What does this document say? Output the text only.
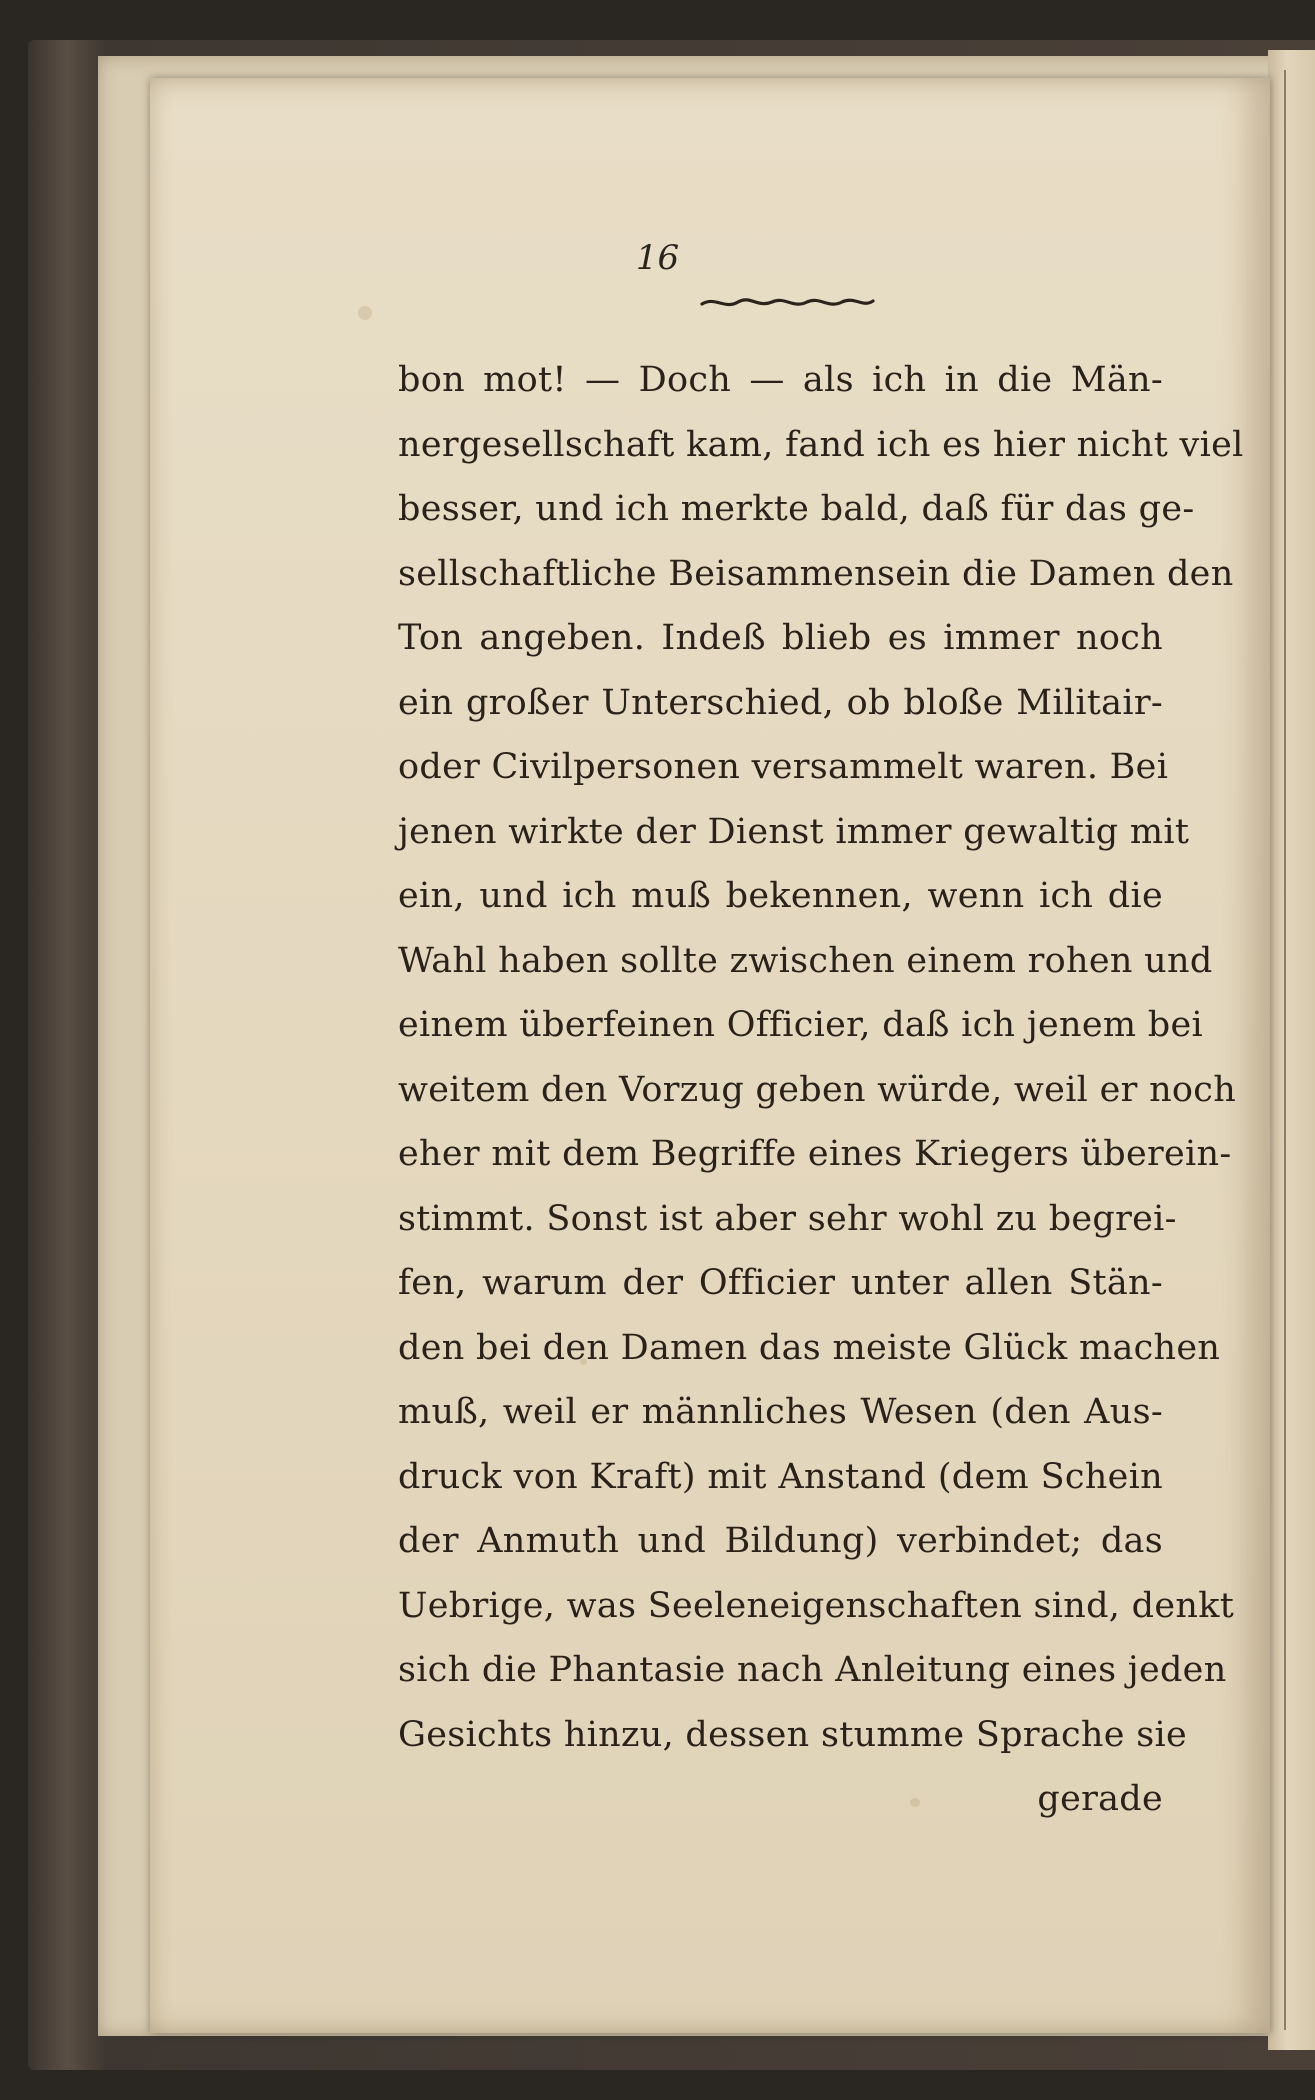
16
bon mot! — Doch — als ich in die Män-
nergesellschaft kam, fand ich es hier nicht viel
besser, und ich merkte bald, daß für das ge-
sellschaftliche Beisammensein die Damen den
Ton angeben. Indeß blieb es immer noch
ein großer Unterschied, ob bloße Militair-
oder Civilpersonen versammelt waren. Bei
jenen wirkte der Dienst immer gewaltig mit
ein, und ich muß bekennen, wenn ich die
Wahl haben sollte zwischen einem rohen und
einem überfeinen Officier, daß ich jenem bei
weitem den Vorzug geben würde, weil er noch
eher mit dem Begriffe eines Kriegers überein-
stimmt. Sonst ist aber sehr wohl zu begrei-
fen, warum der Officier unter allen Stän-
den bei den Damen das meiste Glück machen
muß, weil er männliches Wesen (den Aus-
druck von Kraft) mit Anstand (dem Schein
der Anmuth und Bildung) verbindet; das
Uebrige, was Seeleneigenschaften sind, denkt
sich die Phantasie nach Anleitung eines jeden
Gesichts hinzu, dessen stumme Sprache sie
gerade
